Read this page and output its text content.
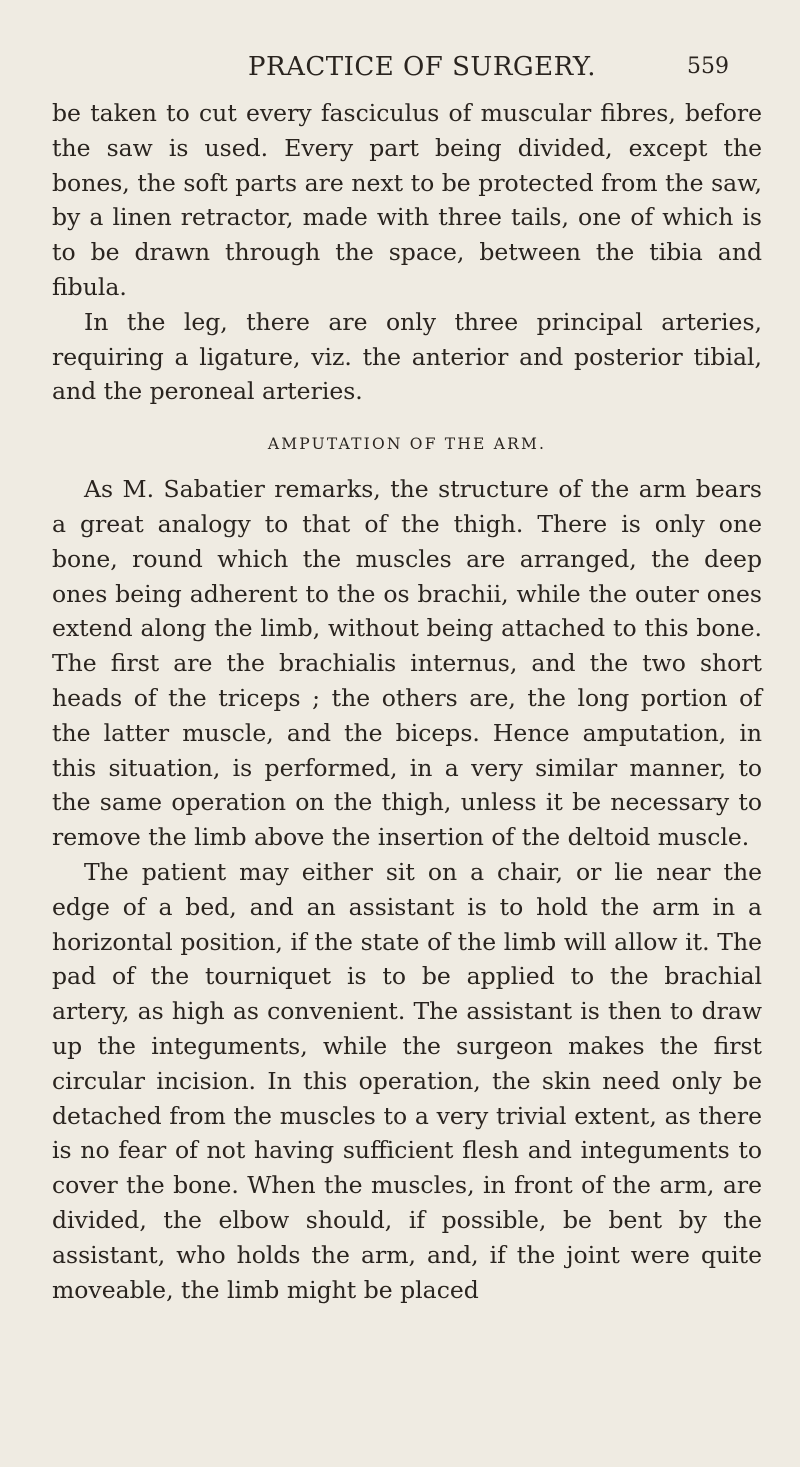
PRACTICE OF SURGERY.	559

be taken to cut every fasciculus of muscular fibres, before the saw is used. Every part being divided, except the bones, the soft parts are next to be protected from the saw, by a linen retractor, made with three tails, one of which is to be drawn through the space, between the tibia and fibula.

In the leg, there are only three principal arteries, requiring a ligature, viz. the anterior and posterior tibial, and the peroneal arteries.

AMPUTATION OF THE ARM.

As M. Sabatier remarks, the structure of the arm bears a great analogy to that of the thigh. There is only one bone, round which the muscles are arranged, the deep ones being adherent to the os brachii, while the outer ones extend along the limb, without being attached to this bone. The first are the brachialis internus, and the two short heads of the triceps ; the others are, the long portion of the latter muscle, and the biceps. Hence amputation, in this situation, is performed, in a very similar manner, to the same operation on the thigh, unless it be necessary to remove the limb above the insertion of the deltoid muscle.

The patient may either sit on a chair, or lie near the edge of a bed, and an assistant is to hold the arm in a horizontal position, if the state of the limb will allow it. The pad of the tourniquet is to be applied to the brachial artery, as high as convenient. The assistant is then to draw up the integuments, while the surgeon makes the first circular incision. In this operation, the skin need only be detached from the muscles to a very trivial extent, as there is no fear of not having sufficient flesh and integuments to cover the bone. When the muscles, in front of the arm, are divided, the elbow should, if possible, be bent by the assistant, who holds the arm, and, if the joint were quite moveable, the limb might be placed
